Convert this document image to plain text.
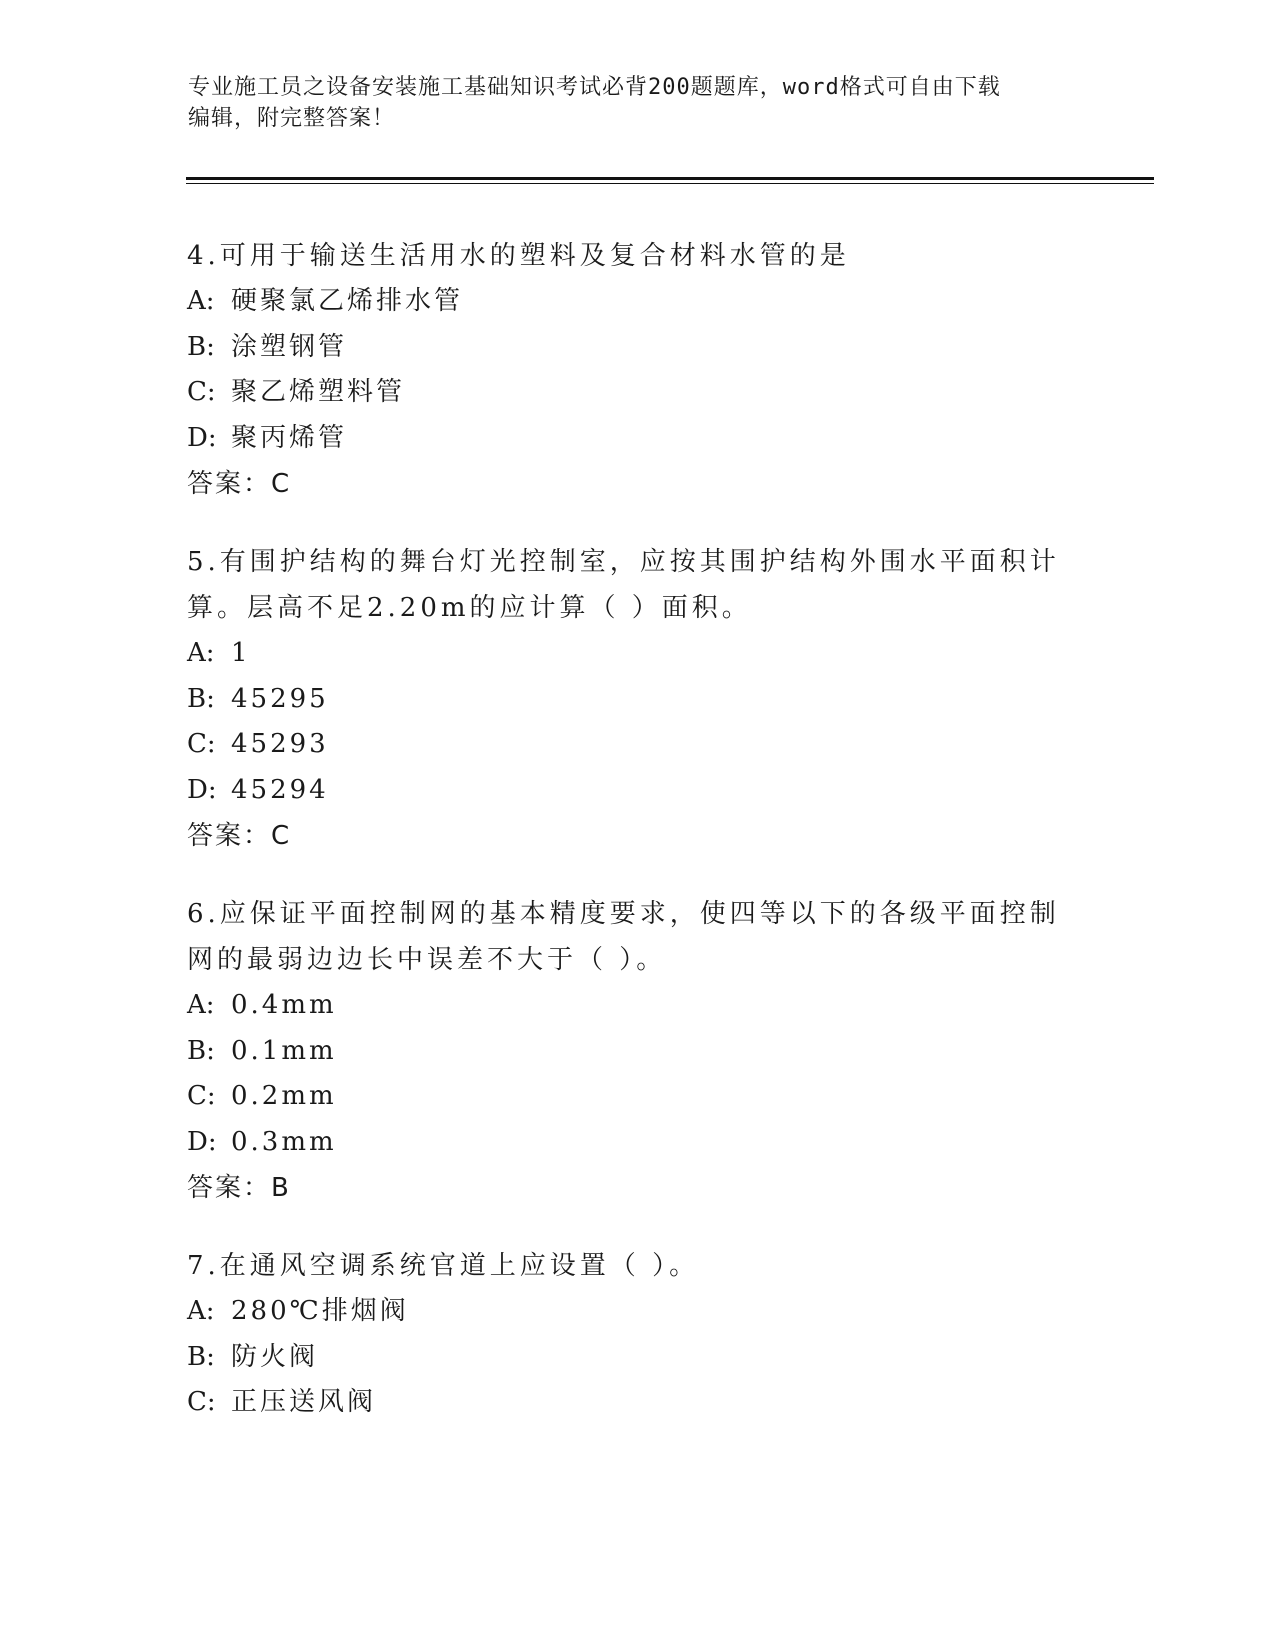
专业施工员之设备安装施工基础知识考试必背200题题库，word格式可自由下载
编辑，附完整答案！
4.可用于输送生活用水的塑料及复合材料水管的是
A: 硬聚氯乙烯排水管
B: 涂塑钢管
C: 聚乙烯塑料管
D: 聚丙烯管
答案：C
5.有围护结构的舞台灯光控制室，应按其围护结构外围水平面积计算。层高不足2.20m的应计算（ ）面积。
A: 1
B: 45295
C: 45293
D: 45294
答案：C
6.应保证平面控制网的基本精度要求，使四等以下的各级平面控制网的最弱边边长中误差不大于（ ）。
A: 0.4mm
B: 0.1mm
C: 0.2mm
D: 0.3mm
答案：B
7.在通风空调系统官道上应设置（ ）。
A: 280℃排烟阀
B: 防火阀
C: 正压送风阀
